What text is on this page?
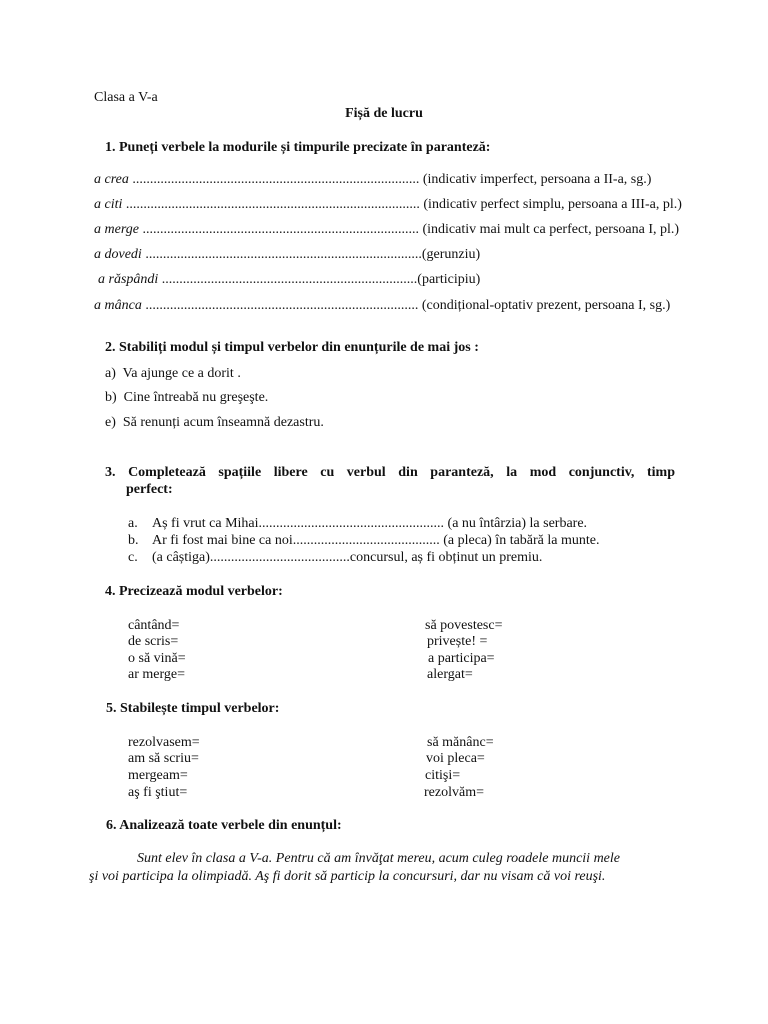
Clasa a V-a
Fișă de lucru
1. Puneți verbele la modurile și timpurile precizate în paranteză:
a crea .................................................................................. (indicativ imperfect, persoana a II-a, sg.)
a citi .................................................................................... (indicativ perfect simplu, persoana a III-a, pl.)
a merge ............................................................................... (indicativ mai mult ca perfect, persoana I, pl.)
a dovedi ...............................................................................(gerunziu)
a răspândi .........................................................................(participiu)
a mânca .............................................................................. (condițional-optativ prezent, persoana I, sg.)
2. Stabiliți modul și timpul verbelor din enunțurile de mai jos :
a) Va ajunge ce a dorit .
b) Cine întreabă nu greşeşte.
e) Să renunți acum înseamnă dezastru.
3. Completează spațiile libere cu verbul din paranteză, la mod conjunctiv, timp
perfect:
a. Aș fi vrut ca Mihai..................................................... (a nu întârzia) la serbare.
b. Ar fi fost mai bine ca noi.......................................... (a pleca) în tabără la munte.
c. (a câștiga)........................................concursul, aș fi obținut un premiu.
4. Precizează modul verbelor:
cântând=
de scris=
o să vină=
ar merge=
să povestesc=
privește! =
a participa=
alergat=
5. Stabilește timpul verbelor:
rezolvasem=
am să scriu=
mergeam=
aş fi ştiut=
să mănânc=
voi pleca=
citişi=
rezolvăm=
6. Analizează toate verbele din enunțul:
Sunt elev în clasa a V-a. Pentru că am învăţat mereu, acum culeg roadele muncii mele
şi voi participa la olimpiadă. Aş fi dorit să particip la concursuri, dar nu visam că voi reuşi.
